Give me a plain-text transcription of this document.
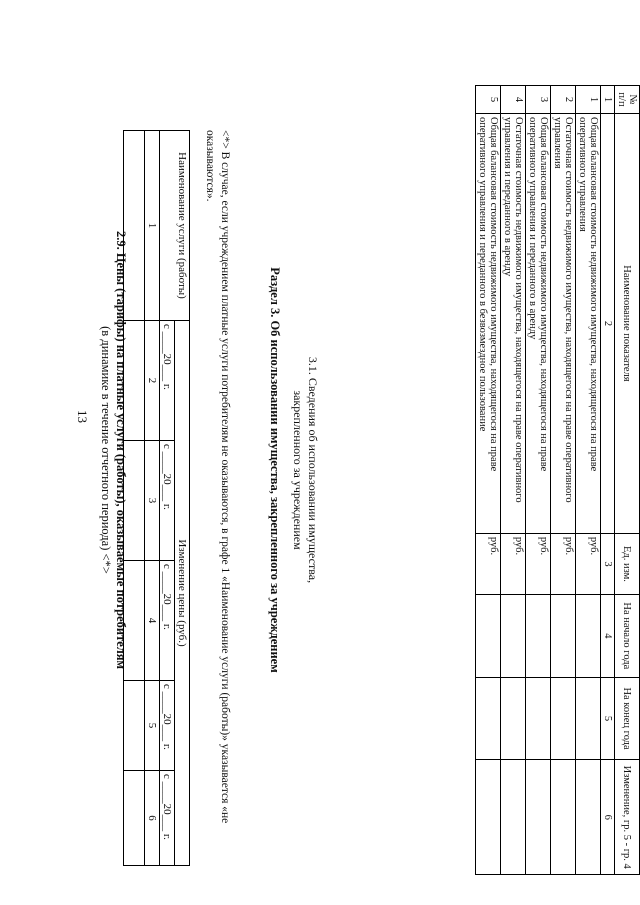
13 2.9. Цены (тарифы) на платные услуги (работы), оказываемые потребителям
(в динамике в течение отчетного периода) <*>
Наименование услуги (работы)	Изменение цены (руб.)				
	с ____20___ г.	с ____20___ г.	с ____20___ г.	с ____20___ г.	с ____20___ г.
1	2	3	4	5	6
						<*> В случае, если учреждением платные услуги потребителям не оказываются, в графе 1 «Наименование услуги (работы)» указывается «не оказываются».
Раздел 3. Об использовании имущества, закрепленного за учреждением 3.1. Сведения об использовании имущества,
закрепленного за учреждением
№ п/п	Наименование показателя	Ед. изм.	На начало года	На конец года	Изменение, гр. 5 - гр. 4
1	2	3	4	5	6
1	Общая балансовая стоимость недвижимого имущества, находящегося на праве оперативного управления	руб.			
2	Остаточная стоимость недвижимого имущества, находящегося на праве оперативного управления	руб.			
3	Общая балансовая стоимость недвижимого имущества, находящегося на праве оперативного управления и переданного в аренду	руб.			
4	Остаточная стоимость недвижимого имущества, находящегося на праве оперативного управления и переданного в аренду	руб.			
5	Общая балансовая стоимость недвижимого имущества, находящегося на праве оперативного управления и переданного в безвозмездное пользование	руб.			
